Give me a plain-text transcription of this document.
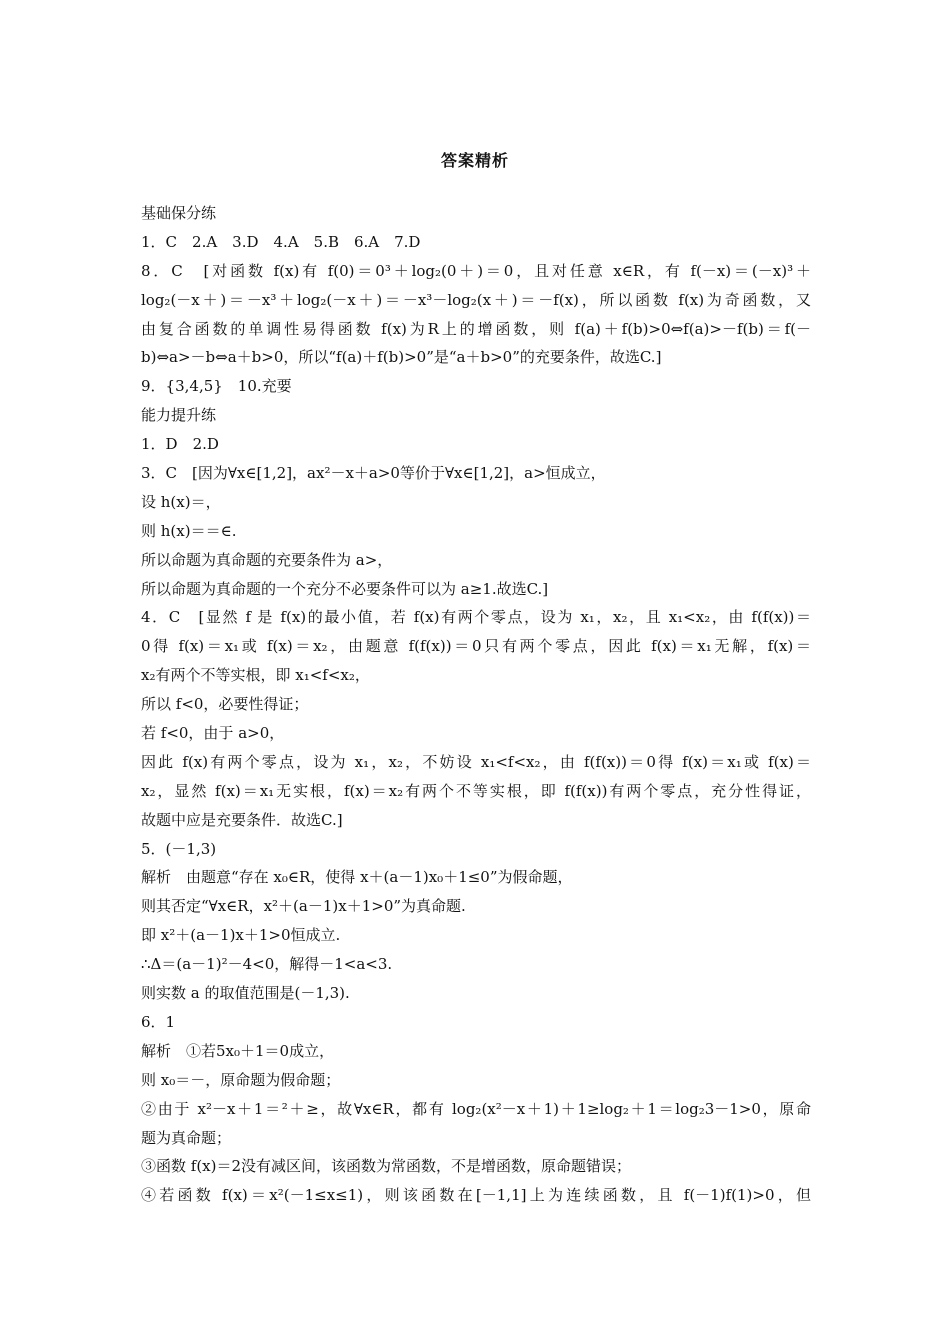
答案精析
基础保分练
1．C　2.A　3.D　4.A　5.B　6.A　7.D
8．C　[对函数 f(x)有 f(0)＝0³＋log₂(0＋)＝0，且对任意 x∈R，有 f(－x)＝(－x)³＋
log₂(－x＋)＝－x³＋log₂(－x＋)＝－x³－log₂(x＋)＝－f(x)，所以函数 f(x)为奇函数，又
由复合函数的单调性易得函数 f(x)为R上的增函数，则 f(a)＋f(b)>0⇔f(a)>－f(b)＝f(－
b)⇔a>－b⇔a＋b>0，所以“f(a)＋f(b)>0”是“a＋b>0”的充要条件，故选C.]
9．{3,4,5}　10.充要
能力提升练
1．D　2.D
3．C　[因为∀x∈[1,2]，ax²－x＋a>0等价于∀x∈[1,2]，a>恒成立，
设 h(x)＝，
则 h(x)＝＝∈.
所以命题为真命题的充要条件为 a>，
所以命题为真命题的一个充分不必要条件可以为 a≥1.故选C.]
4．C　[显然 f 是 f(x)的最小值，若 f(x)有两个零点，设为 x₁，x₂，且 x₁<x₂，由 f(f(x))＝
0得 f(x)＝x₁或 f(x)＝x₂，由题意 f(f(x))＝0只有两个零点，因此 f(x)＝x₁无解，f(x)＝
x₂有两个不等实根，即 x₁<f<x₂，
所以 f<0，必要性得证；
若 f<0，由于 a>0，
因此 f(x)有两个零点，设为 x₁，x₂，不妨设 x₁<f<x₂，由 f(f(x))＝0得 f(x)＝x₁或 f(x)＝
x₂，显然 f(x)＝x₁无实根，f(x)＝x₂有两个不等实根，即 f(f(x))有两个零点，充分性得证，
故题中应是充要条件．故选C.]
5．(－1,3)
解析　由题意“存在 x₀∈R，使得 x＋(a－1)x₀＋1≤0”为假命题，
则其否定“∀x∈R，x²＋(a－1)x＋1>0”为真命题.
即 x²＋(a－1)x＋1>0恒成立.
∴Δ＝(a－1)²－4<0，解得－1<a<3.
则实数 a 的取值范围是(－1,3).
6．1
解析　①若5x₀＋1＝0成立，
则 x₀＝－，原命题为假命题；
②由于 x²－x＋1＝²＋≥，故∀x∈R，都有 log₂(x²－x＋1)＋1≥log₂＋1＝log₂3－1>0，原命
题为真命题；
③函数 f(x)＝2没有减区间，该函数为常函数，不是增函数，原命题错误；
④若函数 f(x)＝x²(－1≤x≤1)，则该函数在[－1,1]上为连续函数，且 f(－1)f(1)>0，但
